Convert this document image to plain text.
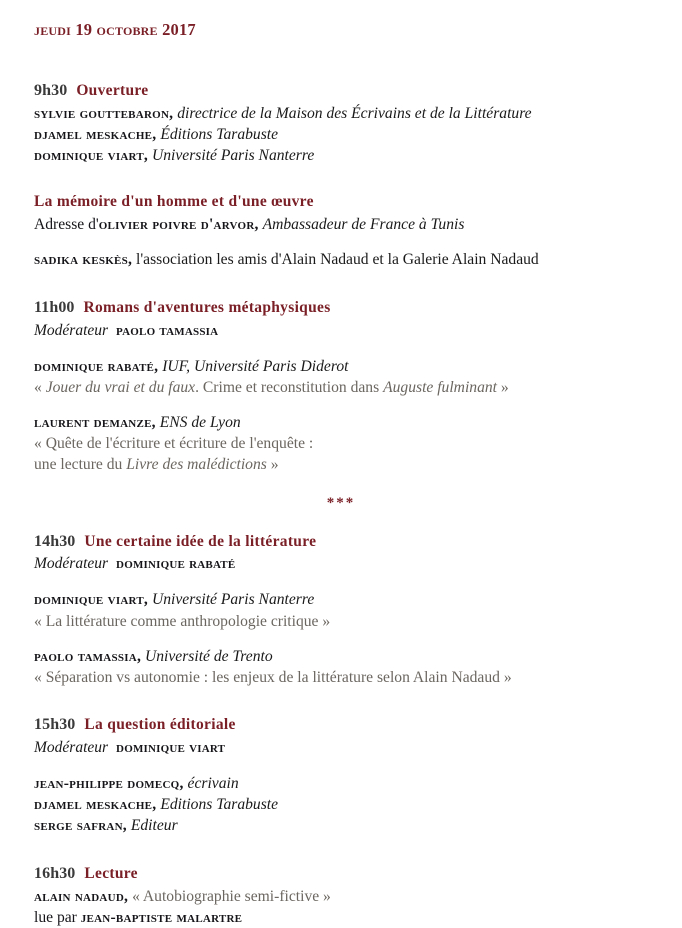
jeudi 19 octobre 2017
9h30 Ouverture
sylvie gouttebaron, directrice de la Maison des Écrivains et de la Littérature
djamel meskache, Éditions Tarabuste
dominique viart, Université Paris Nanterre
La mémoire d'un homme et d'une œuvre
Adresse d'olivier poivre d'arvor, Ambassadeur de France à Tunis
sadika keskès, l'association les amis d'Alain Nadaud et la Galerie Alain Nadaud
11h00 Romans d'aventures métaphysiques
Modérateur paolo tamassia
dominique rabaté, IUF, Université Paris Diderot
« Jouer du vrai et du faux. Crime et reconstitution dans Auguste fulminant »
laurent demanze, ENS de Lyon
« Quête de l'écriture et écriture de l'enquête :
une lecture du Livre des malédictions »
***
14h30 Une certaine idée de la littérature
Modérateur dominique rabaté
dominique viart, Université Paris Nanterre
« La littérature comme anthropologie critique »
paolo tamassia, Université de Trento
« Séparation vs autonomie : les enjeux de la littérature selon Alain Nadaud »
15h30 La question éditoriale
Modérateur dominique viart
jean-philippe domecq, écrivain
djamel meskache, Editions Tarabuste
serge safran, Editeur
16h30 Lecture
alain nadaud, « Autobiographie semi-fictive »
lue par jean-baptiste malartre
